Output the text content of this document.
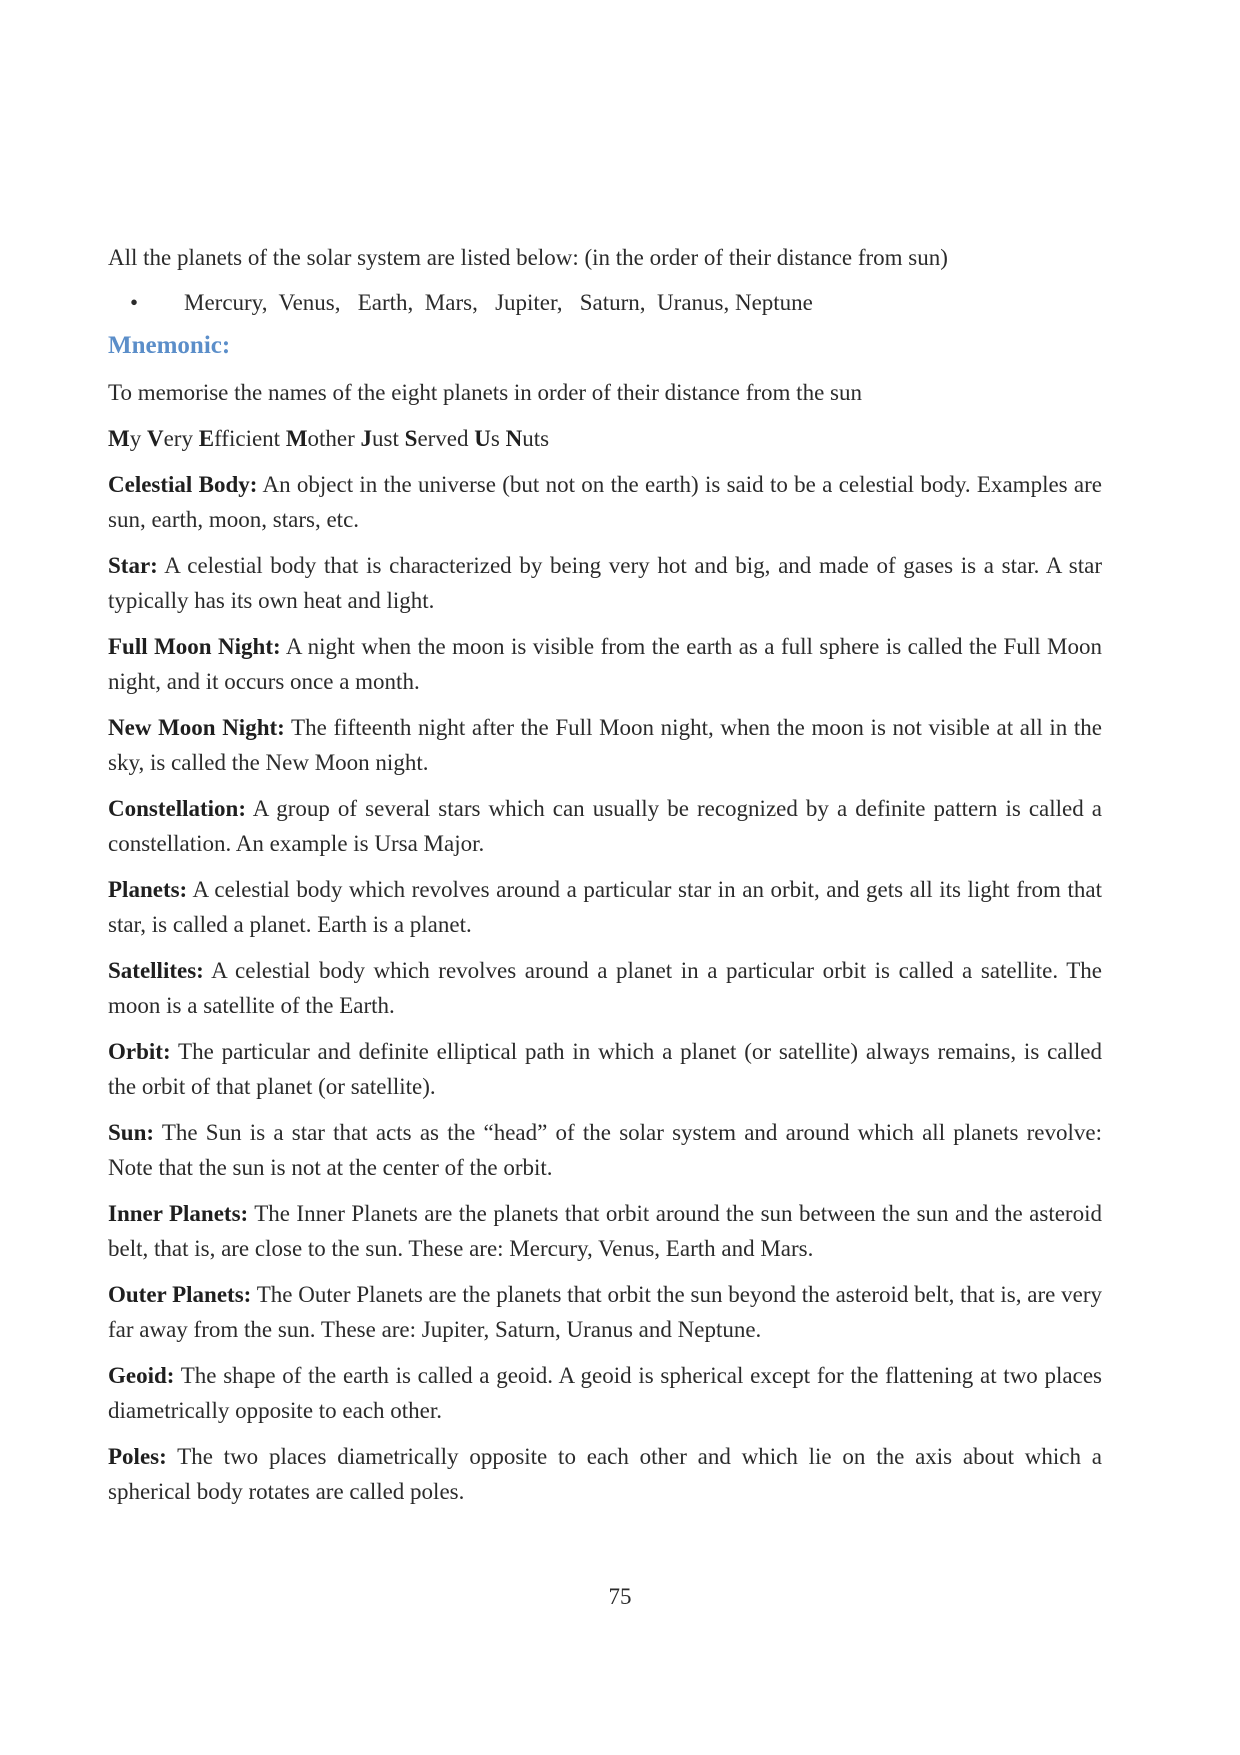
All the planets of the solar system are listed below: (in the order of their distance from sun)

•	Mercury,  Venus,   Earth,  Mars,   Jupiter,   Saturn,  Uranus, Neptune

Mnemonic:

To memorise the names of the eight planets in order of their distance from the sun

My Very Efficient Mother Just Served Us Nuts

Celestial Body: An object in the universe (but not on the earth) is said to be a celestial body. Examples are sun, earth, moon, stars, etc.

Star: A celestial body that is characterized by being very hot and big, and made of gases is a star. A star typically has its own heat and light.

Full Moon Night: A night when the moon is visible from the earth as a full sphere is called the Full Moon night, and it occurs once a month.

New Moon Night: The fifteenth night after the Full Moon night, when the moon is not visible at all in the sky, is called the New Moon night.

Constellation: A group of several stars which can usually be recognized by a definite pattern is called a constellation. An example is Ursa Major.

Planets: A celestial body which revolves around a particular star in an orbit, and gets all its light from that star, is called a planet. Earth is a planet.

Satellites: A celestial body which revolves around a planet in a particular orbit is called a satellite. The moon is a satellite of the Earth.

Orbit: The particular and definite elliptical path in which a planet (or satellite) always remains, is called the orbit of that planet (or satellite).

Sun: The Sun is a star that acts as the “head” of the solar system and around which all planets revolve: Note that the sun is not at the center of the orbit.

Inner Planets: The Inner Planets are the planets that orbit around the sun between the sun and the asteroid belt, that is, are close to the sun. These are: Mercury, Venus, Earth and Mars.

Outer Planets: The Outer Planets are the planets that orbit the sun beyond the asteroid belt, that is, are very far away from the sun. These are: Jupiter, Saturn, Uranus and Neptune.

Geoid: The shape of the earth is called a geoid. A geoid is spherical except for the flattening at two places diametrically opposite to each other.

Poles: The two places diametrically opposite to each other and which lie on the axis about which a spherical body rotates are called poles.

75
